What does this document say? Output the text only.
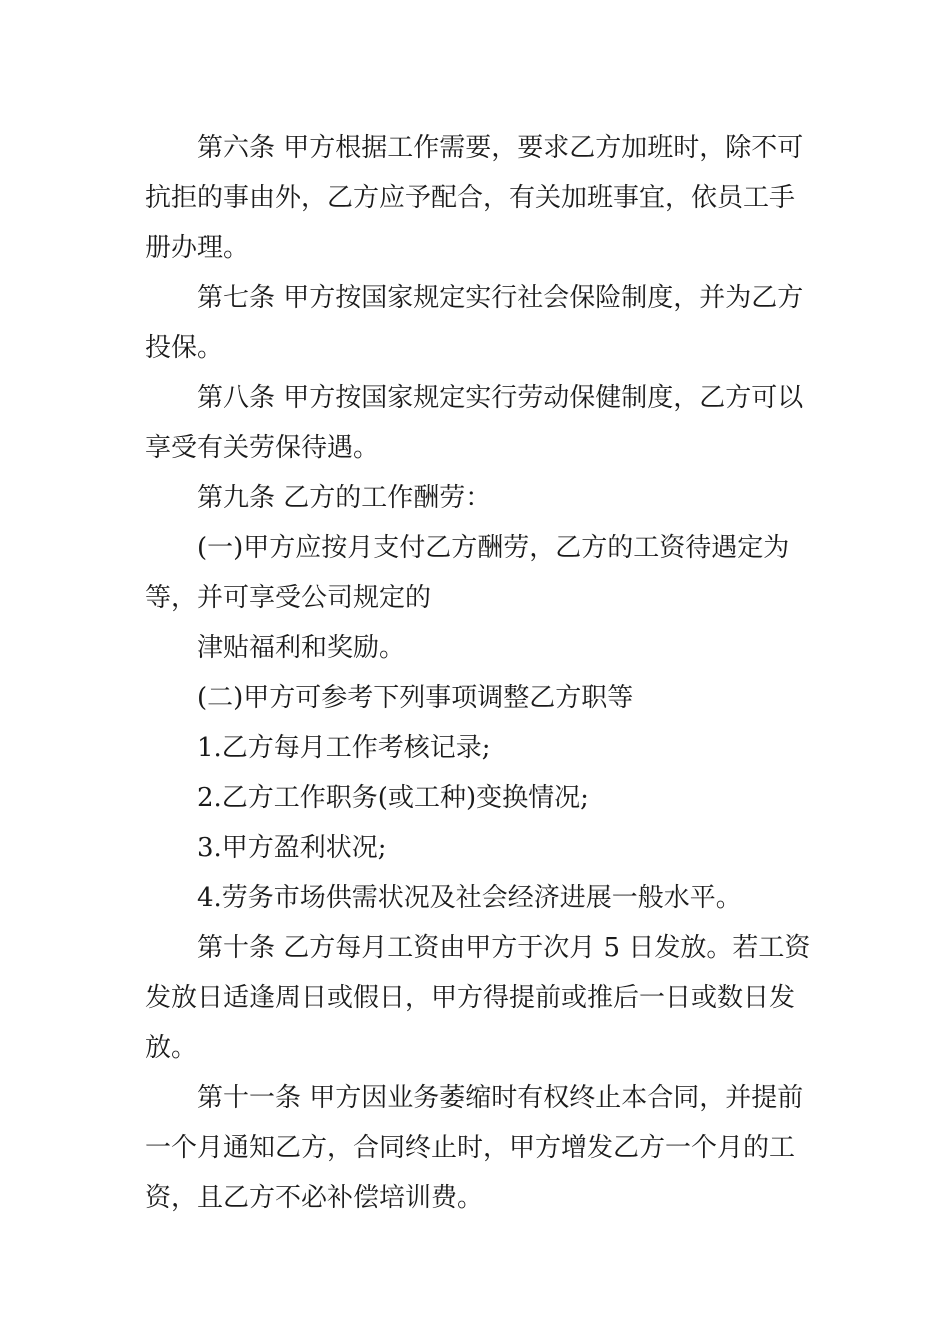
第六条 甲方根据工作需要，要求乙方加班时，除不可
抗拒的事由外，乙方应予配合，有关加班事宜，依员工手
册办理。

第七条 甲方按国家规定实行社会保险制度，并为乙方
投保。

第八条 甲方按国家规定实行劳动保健制度，乙方可以
享受有关劳保待遇。

第九条 乙方的工作酬劳：

(一)甲方应按月支付乙方酬劳，乙方的工资待遇定为
等，并可享受公司规定的

津贴福利和奖励。

(二)甲方可参考下列事项调整乙方职等

1.乙方每月工作考核记录;

2.乙方工作职务(或工种)变换情况;

3.甲方盈利状况;

4.劳务市场供需状况及社会经济进展一般水平。

第十条 乙方每月工资由甲方于次月 5 日发放。若工资
发放日适逢周日或假日，甲方得提前或推后一日或数日发
放。

第十一条 甲方因业务萎缩时有权终止本合同，并提前
一个月通知乙方，合同终止时，甲方增发乙方一个月的工
资，且乙方不必补偿培训费。
